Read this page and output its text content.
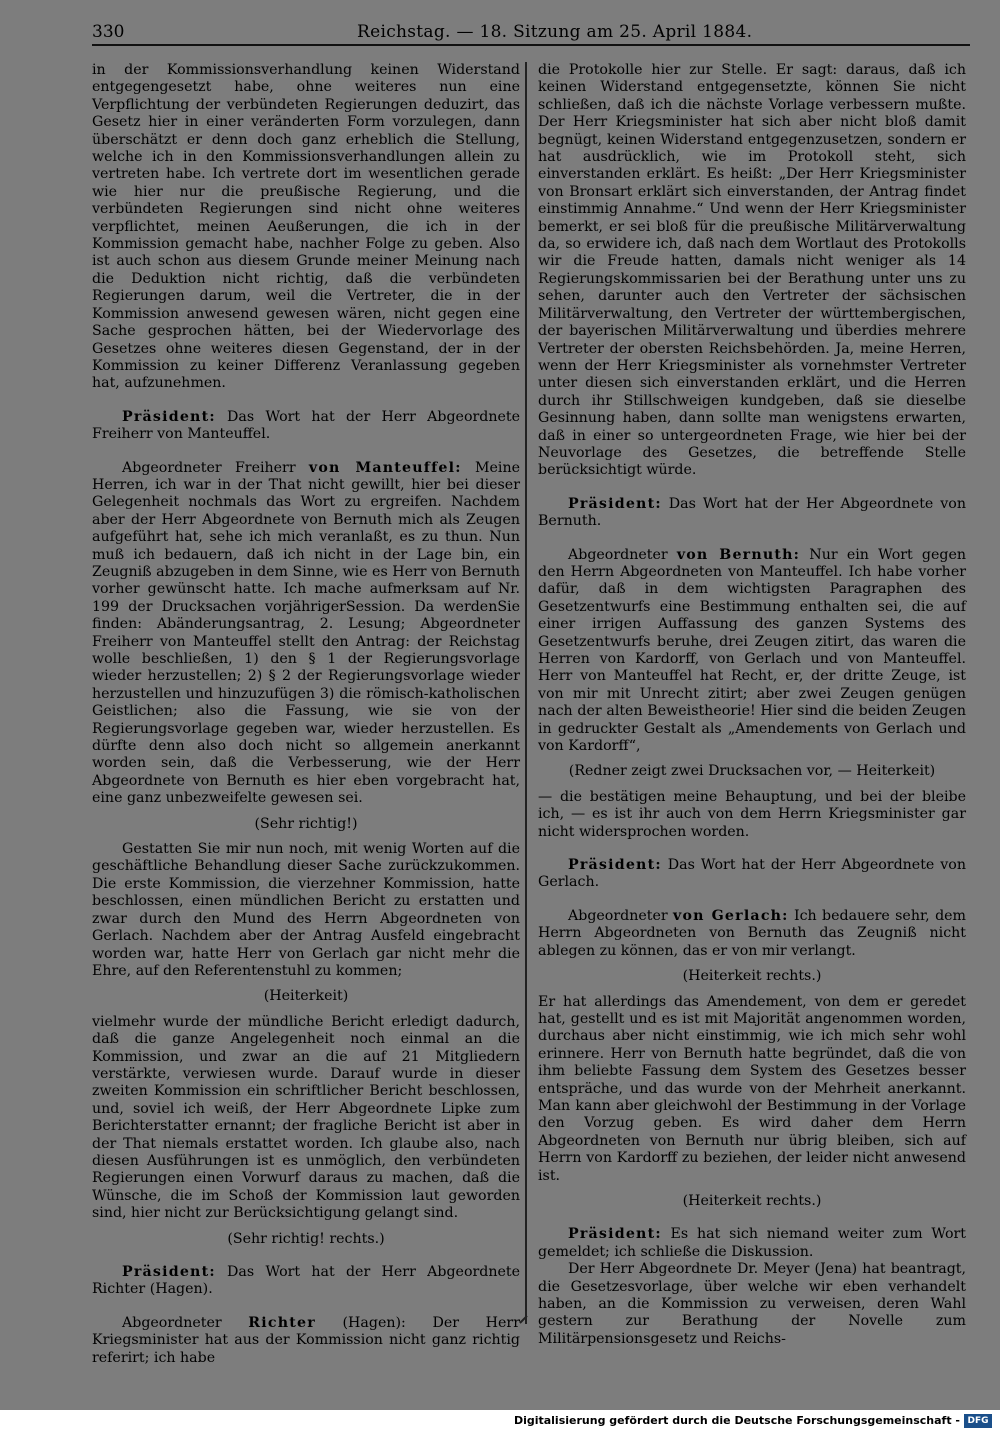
330	Reichstag. — 18. Sitzung am 25. April 1884.

in der Kommissionsverhandlung keinen Widerstand entgegengesetzt habe, ohne weiteres nun eine Verpflichtung der verbündeten Regierungen deduzirt, das Gesetz hier in einer veränderten Form vorzulegen, dann überschätzt er denn doch ganz erheblich die Stellung, welche ich in den Kommissionsverhandlungen allein zu vertreten habe. Ich vertrete dort im wesentlichen gerade wie hier nur die preußische Regierung, und die verbündeten Regierungen sind nicht ohne weiteres verpflichtet, meinen Aeußerungen, die ich in der Kommission gemacht habe, nachher Folge zu geben. Also ist auch schon aus diesem Grunde meiner Meinung nach die Deduktion nicht richtig, daß die verbündeten Regierungen darum, weil die Vertreter, die in der Kommission anwesend gewesen wären, nicht gegen eine Sache gesprochen hätten, bei der Wiedervorlage des Gesetzes ohne weiteres diesen Gegenstand, der in der Kommission zu keiner Differenz Veranlassung gegeben hat, aufzunehmen.

Präsident: Das Wort hat der Herr Abgeordnete Freiherr von Manteuffel.

Abgeordneter Freiherr von Manteuffel: Meine Herren, ich war in der That nicht gewillt, hier bei dieser Gelegenheit nochmals das Wort zu ergreifen. Nachdem aber der Herr Abgeordnete von Bernuth mich als Zeugen aufgeführt hat, sehe ich mich veranlaßt, es zu thun. Nun muß ich bedauern, daß ich nicht in der Lage bin, ein Zeugniß abzugeben in dem Sinne, wie es Herr von Bernuth vorher gewünscht hatte. Ich mache aufmerksam auf Nr. 199 der Drucksachen vorjährigerSession. Da werdenSie finden: Abänderungsantrag, 2. Lesung; Abgeordneter Freiherr von Manteuffel stellt den Antrag: der Reichstag wolle beschließen, 1) den § 1 der Regierungsvorlage wieder herzustellen; 2) § 2 der Regierungsvorlage wieder herzustellen und hinzuzufügen 3) die römisch-katholischen Geistlichen; also die Fassung, wie sie von der Regierungsvorlage gegeben war, wieder herzustellen. Es dürfte denn also doch nicht so allgemein anerkannt worden sein, daß die Verbesserung, wie der Herr Abgeordnete von Bernuth es hier eben vorgebracht hat, eine ganz unbezweifelte gewesen sei.

(Sehr richtig!)

Gestatten Sie mir nun noch, mit wenig Worten auf die geschäftliche Behandlung dieser Sache zurückzukommen. Die erste Kommission, die vierzehner Kommission, hatte beschlossen, einen mündlichen Bericht zu erstatten und zwar durch den Mund des Herrn Abgeordneten von Gerlach. Nachdem aber der Antrag Ausfeld eingebracht worden war, hatte Herr von Gerlach gar nicht mehr die Ehre, auf den Referentenstuhl zu kommen;

(Heiterkeit)

vielmehr wurde der mündliche Bericht erledigt dadurch, daß die ganze Angelegenheit noch einmal an die Kommission, und zwar an die auf 21 Mitgliedern verstärkte, verwiesen wurde. Darauf wurde in dieser zweiten Kommission ein schriftlicher Bericht beschlossen, und, soviel ich weiß, der Herr Abgeordnete Lipke zum Berichterstatter ernannt; der fragliche Bericht ist aber in der That niemals erstattet worden. Ich glaube also, nach diesen Ausführungen ist es unmöglich, den verbündeten Regierungen einen Vorwurf daraus zu machen, daß die Wünsche, die im Schoß der Kommission laut geworden sind, hier nicht zur Berücksichtigung gelangt sind.

(Sehr richtig! rechts.)

Präsident: Das Wort hat der Herr Abgeordnete Richter (Hagen).

Abgeordneter Richter (Hagen): Der Herr Kriegsminister hat aus der Kommission nicht ganz richtig referirt; ich habe

die Protokolle hier zur Stelle. Er sagt: daraus, daß ich keinen Widerstand entgegensetzte, können Sie nicht schließen, daß ich die nächste Vorlage verbessern mußte. Der Herr Kriegsminister hat sich aber nicht bloß damit begnügt, keinen Widerstand entgegenzusetzen, sondern er hat ausdrücklich, wie im Protokoll steht, sich einverstanden erklärt. Es heißt: „Der Herr Kriegsminister von Bronsart erklärt sich einverstanden, der Antrag findet einstimmig Annahme.“ Und wenn der Herr Kriegsminister bemerkt, er sei bloß für die preußische Militärverwaltung da, so erwidere ich, daß nach dem Wortlaut des Protokolls wir die Freude hatten, damals nicht weniger als 14 Regierungskommissarien bei der Berathung unter uns zu sehen, darunter auch den Vertreter der sächsischen Militärverwaltung, den Vertreter der württembergischen, der bayerischen Militärverwaltung und überdies mehrere Vertreter der obersten Reichsbehörden. Ja, meine Herren, wenn der Herr Kriegsminister als vornehmster Vertreter unter diesen sich einverstanden erklärt, und die Herren durch ihr Stillschweigen kundgeben, daß sie dieselbe Gesinnung haben, dann sollte man wenigstens erwarten, daß in einer so untergeordneten Frage, wie hier bei der Neuvorlage des Gesetzes, die betreffende Stelle berücksichtigt würde.

Präsident: Das Wort hat der Her Abgeordnete von Bernuth.

Abgeordneter von Bernuth: Nur ein Wort gegen den Herrn Abgeordneten von Manteuffel. Ich habe vorher dafür, daß in dem wichtigsten Paragraphen des Gesetzentwurfs eine Bestimmung enthalten sei, die auf einer irrigen Auffassung des ganzen Systems des Gesetzentwurfs beruhe, drei Zeugen zitirt, das waren die Herren von Kardorff, von Gerlach und von Manteuffel. Herr von Manteuffel hat Recht, er, der dritte Zeuge, ist von mir mit Unrecht zitirt; aber zwei Zeugen genügen nach der alten Beweistheorie! Hier sind die beiden Zeugen in gedruckter Gestalt als „Amendements von Gerlach und von Kardorff“,

(Redner zeigt zwei Drucksachen vor, — Heiterkeit)

— die bestätigen meine Behauptung, und bei der bleibe ich, — es ist ihr auch von dem Herrn Kriegsminister gar nicht widersprochen worden.

Präsident: Das Wort hat der Herr Abgeordnete von Gerlach.

Abgeordneter von Gerlach: Ich bedauere sehr, dem Herrn Abgeordneten von Bernuth das Zeugniß nicht ablegen zu können, das er von mir verlangt.

(Heiterkeit rechts.)

Er hat allerdings das Amendement, von dem er geredet hat, gestellt und es ist mit Majorität angenommen worden, durchaus aber nicht einstimmig, wie ich mich sehr wohl erinnere. Herr von Bernuth hatte begründet, daß die von ihm beliebte Fassung dem System des Gesetzes besser entspräche, und das wurde von der Mehrheit anerkannt. Man kann aber gleichwohl der Bestimmung in der Vorlage den Vorzug geben. Es wird daher dem Herrn Abgeordneten von Bernuth nur übrig bleiben, sich auf Herrn von Kardorff zu beziehen, der leider nicht anwesend ist.

(Heiterkeit rechts.)

Präsident: Es hat sich niemand weiter zum Wort gemeldet; ich schließe die Diskussion.

Der Herr Abgeordnete Dr. Meyer (Jena) hat beantragt, die Gesetzesvorlage, über welche wir eben verhandelt haben, an die Kommission zu verweisen, deren Wahl gestern zur Berathung der Novelle zum Militärpensionsgesetz und Reichs-

Digitalisierung gefördert durch die Deutsche Forschungsgemeinschaft - DFG
